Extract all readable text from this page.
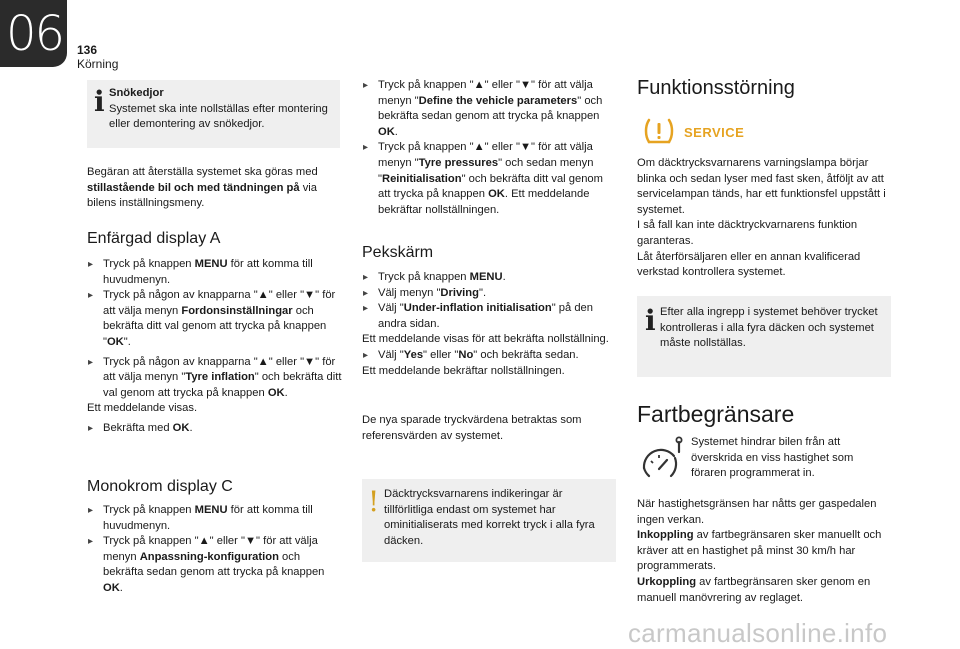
06 136
Körning
i Snökedjor
Systemet ska inte nollställas efter montering eller demontering av snökedjor.
Begäran att återställa systemet ska göras med stillastående bil och med tändningen på via bilens inställningsmeny.
Enfärgad display A
▸ Tryck på knappen MENU för att komma till huvudmenyn.
▸ Tryck på någon av knapparna "▲" eller "▼" för att välja menyn Fordonsinställningar och bekräfta ditt val genom att trycka på knappen "OK".
▸ Tryck på någon av knapparna "▲" eller "▼" för att välja menyn "Tyre inflation" och bekräfta ditt val genom att trycka på knappen OK.
Ett meddelande visas.
▸ Bekräfta med OK.
Monokrom display C
▸ Tryck på knappen MENU för att komma till huvudmenyn.
▸ Tryck på knappen "▲" eller "▼" för att välja menyn Anpassning-konfiguration och bekräfta sedan genom att trycka på knappen OK.
▸ Tryck på knappen "▲" eller "▼" för att välja menyn "Define the vehicle parameters" och bekräfta sedan genom att trycka på knappen OK.
▸ Tryck på knappen "▲" eller "▼" för att välja menyn "Tyre pressures" och sedan menyn "Reinitialisation" och bekräfta ditt val genom att trycka på knappen OK. Ett meddelande bekräftar nollställningen.
Pekskärm
▸ Tryck på knappen MENU.
▸ Välj menyn "Driving".
▸ Välj "Under-inflation initialisation" på den andra sidan.
Ett meddelande visas för att bekräfta nollställning.
▸ Välj "Yes" eller "No" och bekräfta sedan.
Ett meddelande bekräftar nollställningen.
De nya sparade tryckvärdena betraktas som referensvärden av systemet.
! Däcktrycksvarnarens indikeringar är tillförlitliga endast om systemet har ominitialiserats med korrekt tryck i alla fyra däcken.
Funktionsstörning
SERVICE
Om däcktrycksvarnarens varningslampa börjar blinka och sedan lyser med fast sken, åtföljt av att servicelampan tänds, har ett funktionsfel uppstått i systemet.
I så fall kan inte däcktryckvarnarens funktion garanteras.
Låt återförsäljaren eller en annan kvalificerad verkstad kontrollera systemet.
i Efter alla ingrepp i systemet behöver trycket kontrolleras i alla fyra däcken och systemet måste nollställas.
Fartbegränsare
Systemet hindrar bilen från att överskrida en viss hastighet som föraren programmerat in.
När hastighetsgränsen har nåtts ger gaspedalen ingen verkan.
Inkoppling av fartbegränsaren sker manuellt och kräver att en hastighet på minst 30 km/h har programmerats.
Urkoppling av fartbegränsaren sker genom en manuell manövrering av reglaget.
carmanualsonline.info
